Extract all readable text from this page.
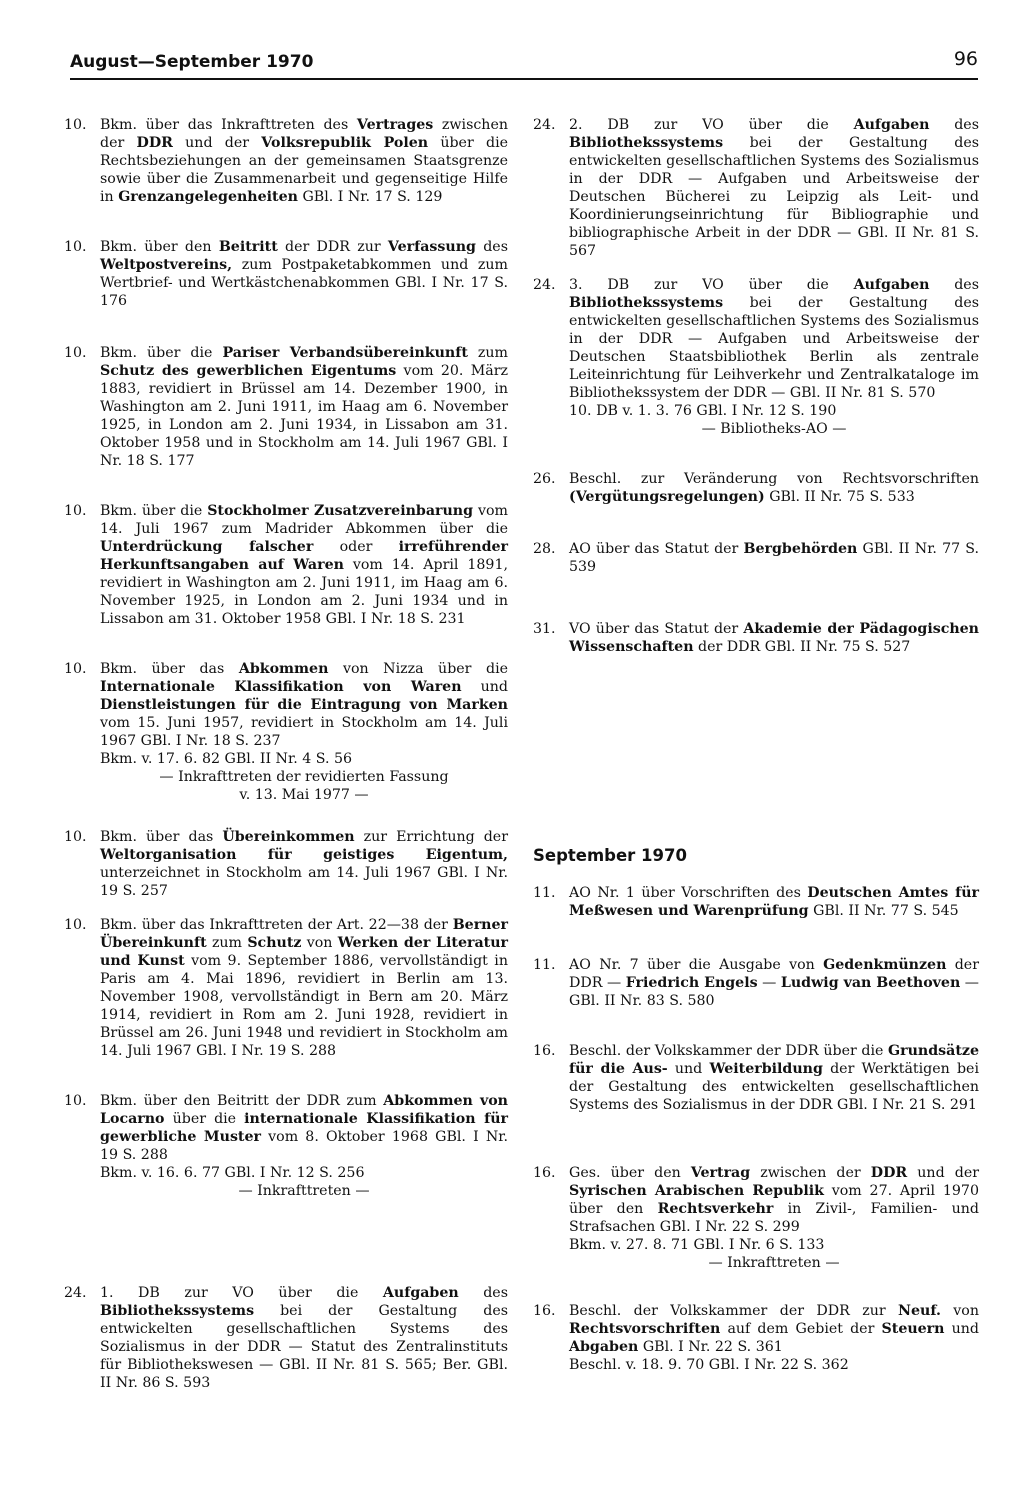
August—September 1970	96
10. Bkm. über das Inkrafttreten des Vertrages zwischen der DDR und der Volksrepublik Polen über die Rechtsbeziehungen an der gemeinsamen Staatsgrenze sowie über die Zusammenarbeit und gegenseitige Hilfe in Grenzangelegenheiten GBl. I Nr. 17 S. 129

10. Bkm. über den Beitritt der DDR zur Verfassung des Weltpostvereins, zum Postpaketabkommen und zum Wertbrief- und Wertkästchenabkommen GBl. I Nr. 17 S. 176

10. Bkm. über die Pariser Verbandsübereinkunft zum Schutz des gewerblichen Eigentums vom 20. März 1883, revidiert in Brüssel am 14. Dezember 1900, in Washington am 2. Juni 1911, im Haag am 6. November 1925, in London am 2. Juni 1934, in Lissabon am 31. Oktober 1958 und in Stockholm am 14. Juli 1967 GBl. I Nr. 18 S. 177

10. Bkm. über die Stockholmer Zusatzvereinbarung vom 14. Juli 1967 zum Madrider Abkommen über die Unterdrückung falscher oder irreführender Herkunftsangaben auf Waren vom 14. April 1891, revidiert in Washington am 2. Juni 1911, im Haag am 6. November 1925, in London am 2. Juni 1934 und in Lissabon am 31. Oktober 1958 GBl. I Nr. 18 S. 231

10. Bkm. über das Abkommen von Nizza über die Internationale Klassifikation von Waren und Dienstleistungen für die Eintragung von Marken vom 15. Juni 1957, revidiert in Stockholm am 14. Juli 1967 GBl. I Nr. 18 S. 237

Bkm. v. 17. 6. 82 GBl. II Nr. 4 S. 56

— Inkrafttreten der revidierten Fassung

v. 13. Mai 1977 —

10. Bkm. über das Übereinkommen zur Errichtung der Weltorganisation für geistiges Eigentum, unterzeichnet in Stockholm am 14. Juli 1967 GBl. I Nr. 19 S. 257

10. Bkm. über das Inkrafttreten der Art. 22—38 der Berner Übereinkunft zum Schutz von Werken der Literatur und Kunst vom 9. September 1886, vervollständigt in Paris am 4. Mai 1896, revidiert in Berlin am 13. November 1908, vervollständigt in Bern am 20. März 1914, revidiert in Rom am 2. Juni 1928, revidiert in Brüssel am 26. Juni 1948 und revidiert in Stockholm am 14. Juli 1967 GBl. I Nr. 19 S. 288

10. Bkm. über den Beitritt der DDR zum Abkommen von Locarno über die internationale Klassifikation für gewerbliche Muster vom 8. Oktober 1968 GBl. I Nr. 19 S. 288

Bkm. v. 16. 6. 77 GBl. I Nr. 12 S. 256

— Inkrafttreten —

24. 1. DB zur VO über die Aufgaben des Bibliothekssystems bei der Gestaltung des entwickelten gesellschaftlichen Systems des Sozialismus in der DDR — Statut des Zentralinstituts für Bibliothekswesen — GBl. II Nr. 81 S. 565; Ber. GBl. II Nr. 86 S. 593

24. 2. DB zur VO über die Aufgaben des Bibliothekssystems bei der Gestaltung des entwickelten gesellschaftlichen Systems des Sozialismus in der DDR — Aufgaben und Arbeitsweise der Deutschen Bücherei zu Leipzig als Leit- und Koordinierungseinrichtung für Bibliographie und bibliographische Arbeit in der DDR — GBl. II Nr. 81 S. 567

24. 3. DB zur VO über die Aufgaben des Bibliothekssystems bei der Gestaltung des entwickelten gesellschaftlichen Systems des Sozialismus in der DDR — Aufgaben und Arbeitsweise der Deutschen Staatsbibliothek Berlin als zentrale Leiteinrichtung für Leihverkehr und Zentralkataloge im Bibliothekssystem der DDR — GBl. II Nr. 81 S. 570

10. DB v. 1. 3. 76 GBl. I Nr. 12 S. 190

— Bibliotheks-AO —

26. Beschl. zur Veränderung von Rechtsvorschriften (Vergütungsregelungen) GBl. II Nr. 75 S. 533

28. AO über das Statut der Bergbehörden GBl. II Nr. 77 S. 539

31. VO über das Statut der Akademie der Pädagogischen Wissenschaften der DDR GBl. II Nr. 75 S. 527

September 1970
11. AO Nr. 1 über Vorschriften des Deutschen Amtes für Meßwesen und Warenprüfung GBl. II Nr. 77 S. 545

11. AO Nr. 7 über die Ausgabe von Gedenkmünzen der DDR — Friedrich Engels — Ludwig van Beethoven — GBl. II Nr. 83 S. 580

16. Beschl. der Volkskammer der DDR über die Grundsätze für die Aus- und Weiterbildung der Werktätigen bei der Gestaltung des entwickelten gesellschaftlichen Systems des Sozialismus in der DDR GBl. I Nr. 21 S. 291

16. Ges. über den Vertrag zwischen der DDR und der Syrischen Arabischen Republik vom 27. April 1970 über den Rechtsverkehr in Zivil-, Familien- und Strafsachen GBl. I Nr. 22 S. 299

Bkm. v. 27. 8. 71 GBl. I Nr. 6 S. 133

— Inkrafttreten —

16. Beschl. der Volkskammer der DDR zur Neuf. von Rechtsvorschriften auf dem Gebiet der Steuern und Abgaben GBl. I Nr. 22 S. 361

Beschl. v. 18. 9. 70 GBl. I Nr. 22 S. 362
